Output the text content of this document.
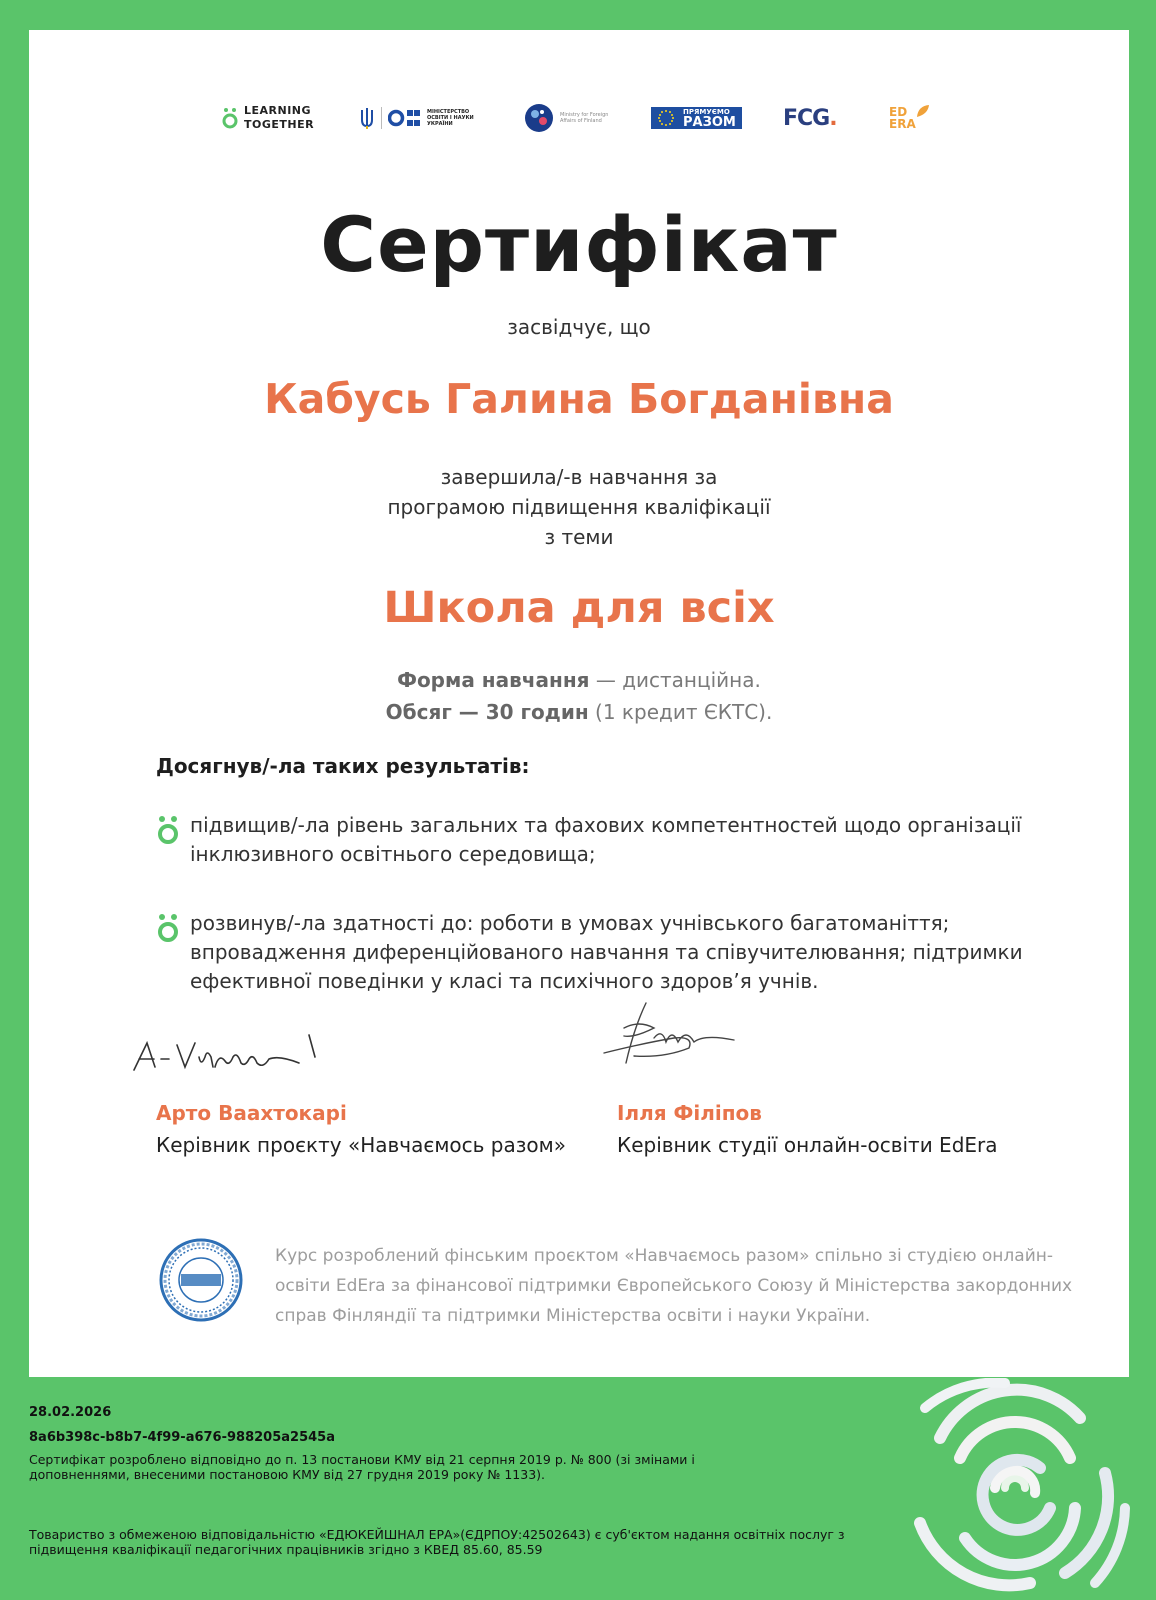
LEARNING
TOGETHER
МІНІСТЕРСТВО
ОСВІТИ І НАУКИ
УКРАЇНИ
Ministry for Foreign Affairs of Finland
ПРЯМУЄМО
РАЗОМ FCG .	ED
ERA
Сертифікат
засвідчує, що
Кабусь Галина Богданівна
завершила/-в навчання за
програмою підвищення кваліфікації
з теми
Школа для всіх
Форма навчання — дистанційна.
Обсяг — 30 годин (1 кредит ЄКТС).
Досягнув/-ла таких результатів:
підвищив/-ла рівень загальних та фахових компетентностей щодо організації інклюзивного освітнього середовища;
розвинув/-ла здатності до: роботи в умовах учнівського багатоманіття; впровадження диференційованого навчання та співучителювання; підтримки ефективної поведінки у класі та психічного здоров’я учнів.
Арто Ваахтокарі
Керівник проєкту «Навчаємось разом»
Ілля Філіпов
Керівник студії онлайн-освіти EdEra
Курс розроблений фінським проєктом «Навчаємось разом» спільно зі студією онлайн-освіти EdEra за фінансової підтримки Європейського Союзу й Міністерства закордонних справ Фінляндії та підтримки Міністерства освіти і науки України.
28.02.2026
8a6b398c-b8b7-4f99-a676-988205a2545a
Сертифікат розроблено відповідно до п. 13 постанови КМУ від 21 серпня 2019 р. № 800 (зі змінами і доповненнями, внесеними постановою КМУ від 27 грудня 2019 року № 1133).
Товариство з обмеженою відповідальністю «ЕДЮКЕЙШНАЛ ЕРА»(ЄДРПОУ:42502643) є суб'єктом надання освітніх послуг з підвищення кваліфікації педагогічних працівників згідно з КВЕД 85.60, 85.59
